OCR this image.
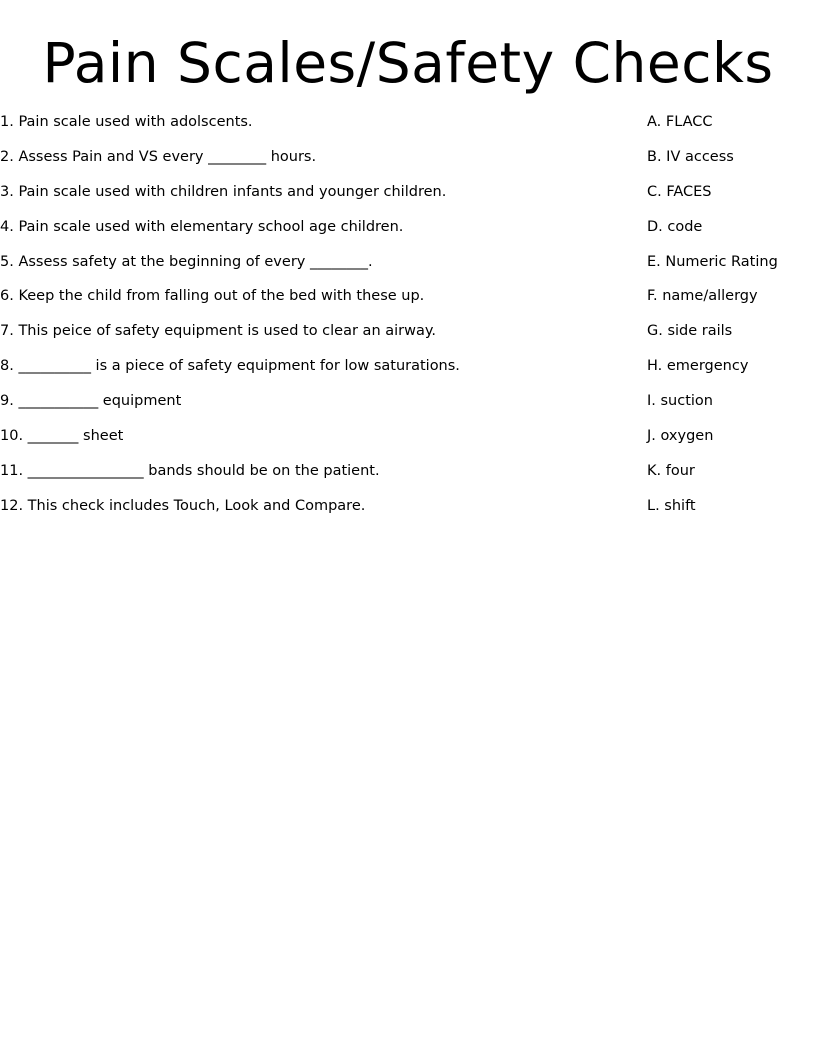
Pain Scales/Safety Checks
1. Pain scale used with adolscents.
2. Assess Pain and VS every ________ hours.
3. Pain scale used with children infants and younger children.
4. Pain scale used with elementary school age children.
5. Assess safety at the beginning of every ________.
6. Keep the child from falling out of the bed with these up.
7. This peice of safety equipment is used to clear an airway.
8. __________ is a piece of safety equipment for low saturations.
9. ___________ equipment
10. _______ sheet
11. ________________ bands should be on the patient.
12. This check includes Touch, Look and Compare.
A. FLACC
B. IV access
C. FACES
D. code
E. Numeric Rating
F. name/allergy
G. side rails
H. emergency
I. suction
J. oxygen
K. four
L. shift
